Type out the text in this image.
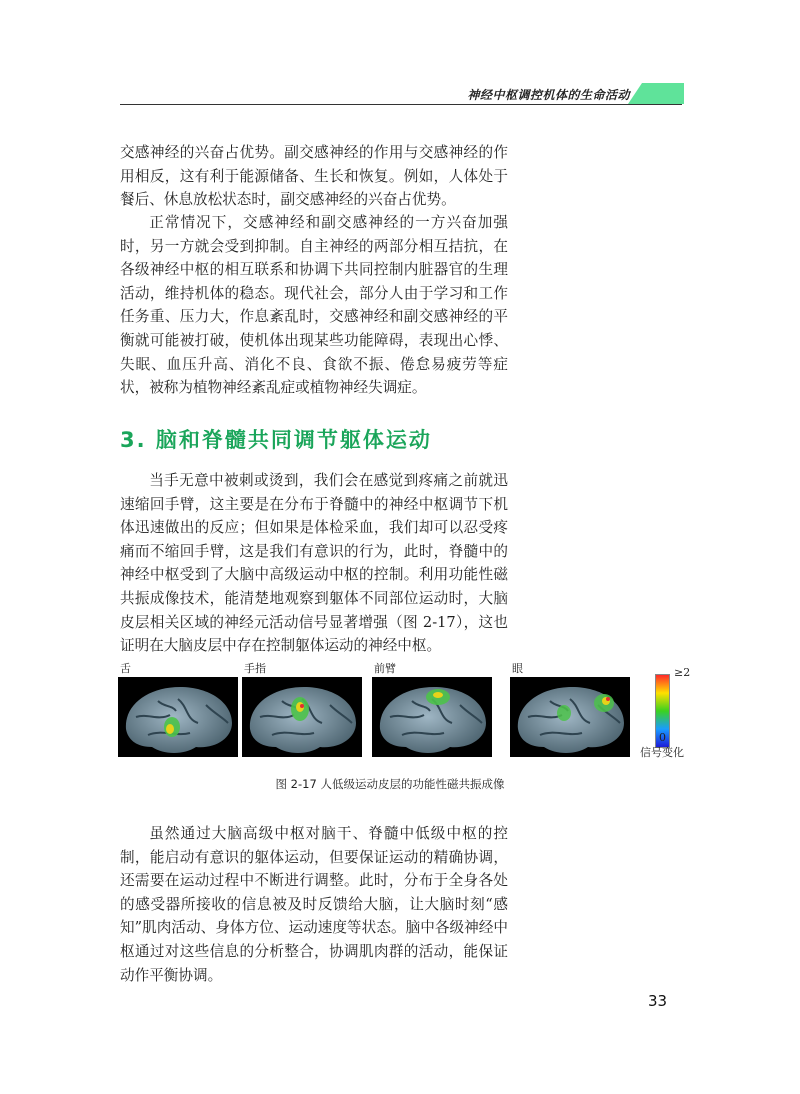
神经中枢调控机体的生命活动

交感神经的兴奋占优势。副交感神经的作用与交感神经的作用相反，这有利于能源储备、生长和恢复。例如，人体处于餐后、休息放松状态时，副交感神经的兴奋占优势。

正常情况下，交感神经和副交感神经的一方兴奋加强时，另一方就会受到抑制。自主神经的两部分相互拮抗，在各级神经中枢的相互联系和协调下共同控制内脏器官的生理活动，维持机体的稳态。现代社会，部分人由于学习和工作任务重、压力大，作息紊乱时，交感神经和副交感神经的平衡就可能被打破，使机体出现某些功能障碍，表现出心悸、失眠、血压升高、消化不良、食欲不振、倦怠易疲劳等症状，被称为植物神经紊乱症或植物神经失调症。

3. 脑和脊髓共同调节躯体运动

当手无意中被刺或烫到，我们会在感觉到疼痛之前就迅速缩回手臂，这主要是在分布于脊髓中的神经中枢调节下机体迅速做出的反应；但如果是体检采血，我们却可以忍受疼痛而不缩回手臂，这是我们有意识的行为，此时，脊髓中的神经中枢受到了大脑中高级运动中枢的控制。利用功能性磁共振成像技术，能清楚地观察到躯体不同部位运动时，大脑皮层相关区域的神经元活动信号显著增强（图 2-17），这也证明在大脑皮层中存在控制躯体运动的神经中枢。

舌	手指	前臂	眼	≥2
0
信号变化
图 2-17 人低级运动皮层的功能性磁共振成像

虽然通过大脑高级中枢对脑干、脊髓中低级中枢的控制，能启动有意识的躯体运动，但要保证运动的精确协调，还需要在运动过程中不断进行调整。此时，分布于全身各处的感受器所接收的信息被及时反馈给大脑，让大脑时刻“感知”肌肉活动、身体方位、运动速度等状态。脑中各级神经中枢通过对这些信息的分析整合，协调肌肉群的活动，能保证动作平衡协调。

33
